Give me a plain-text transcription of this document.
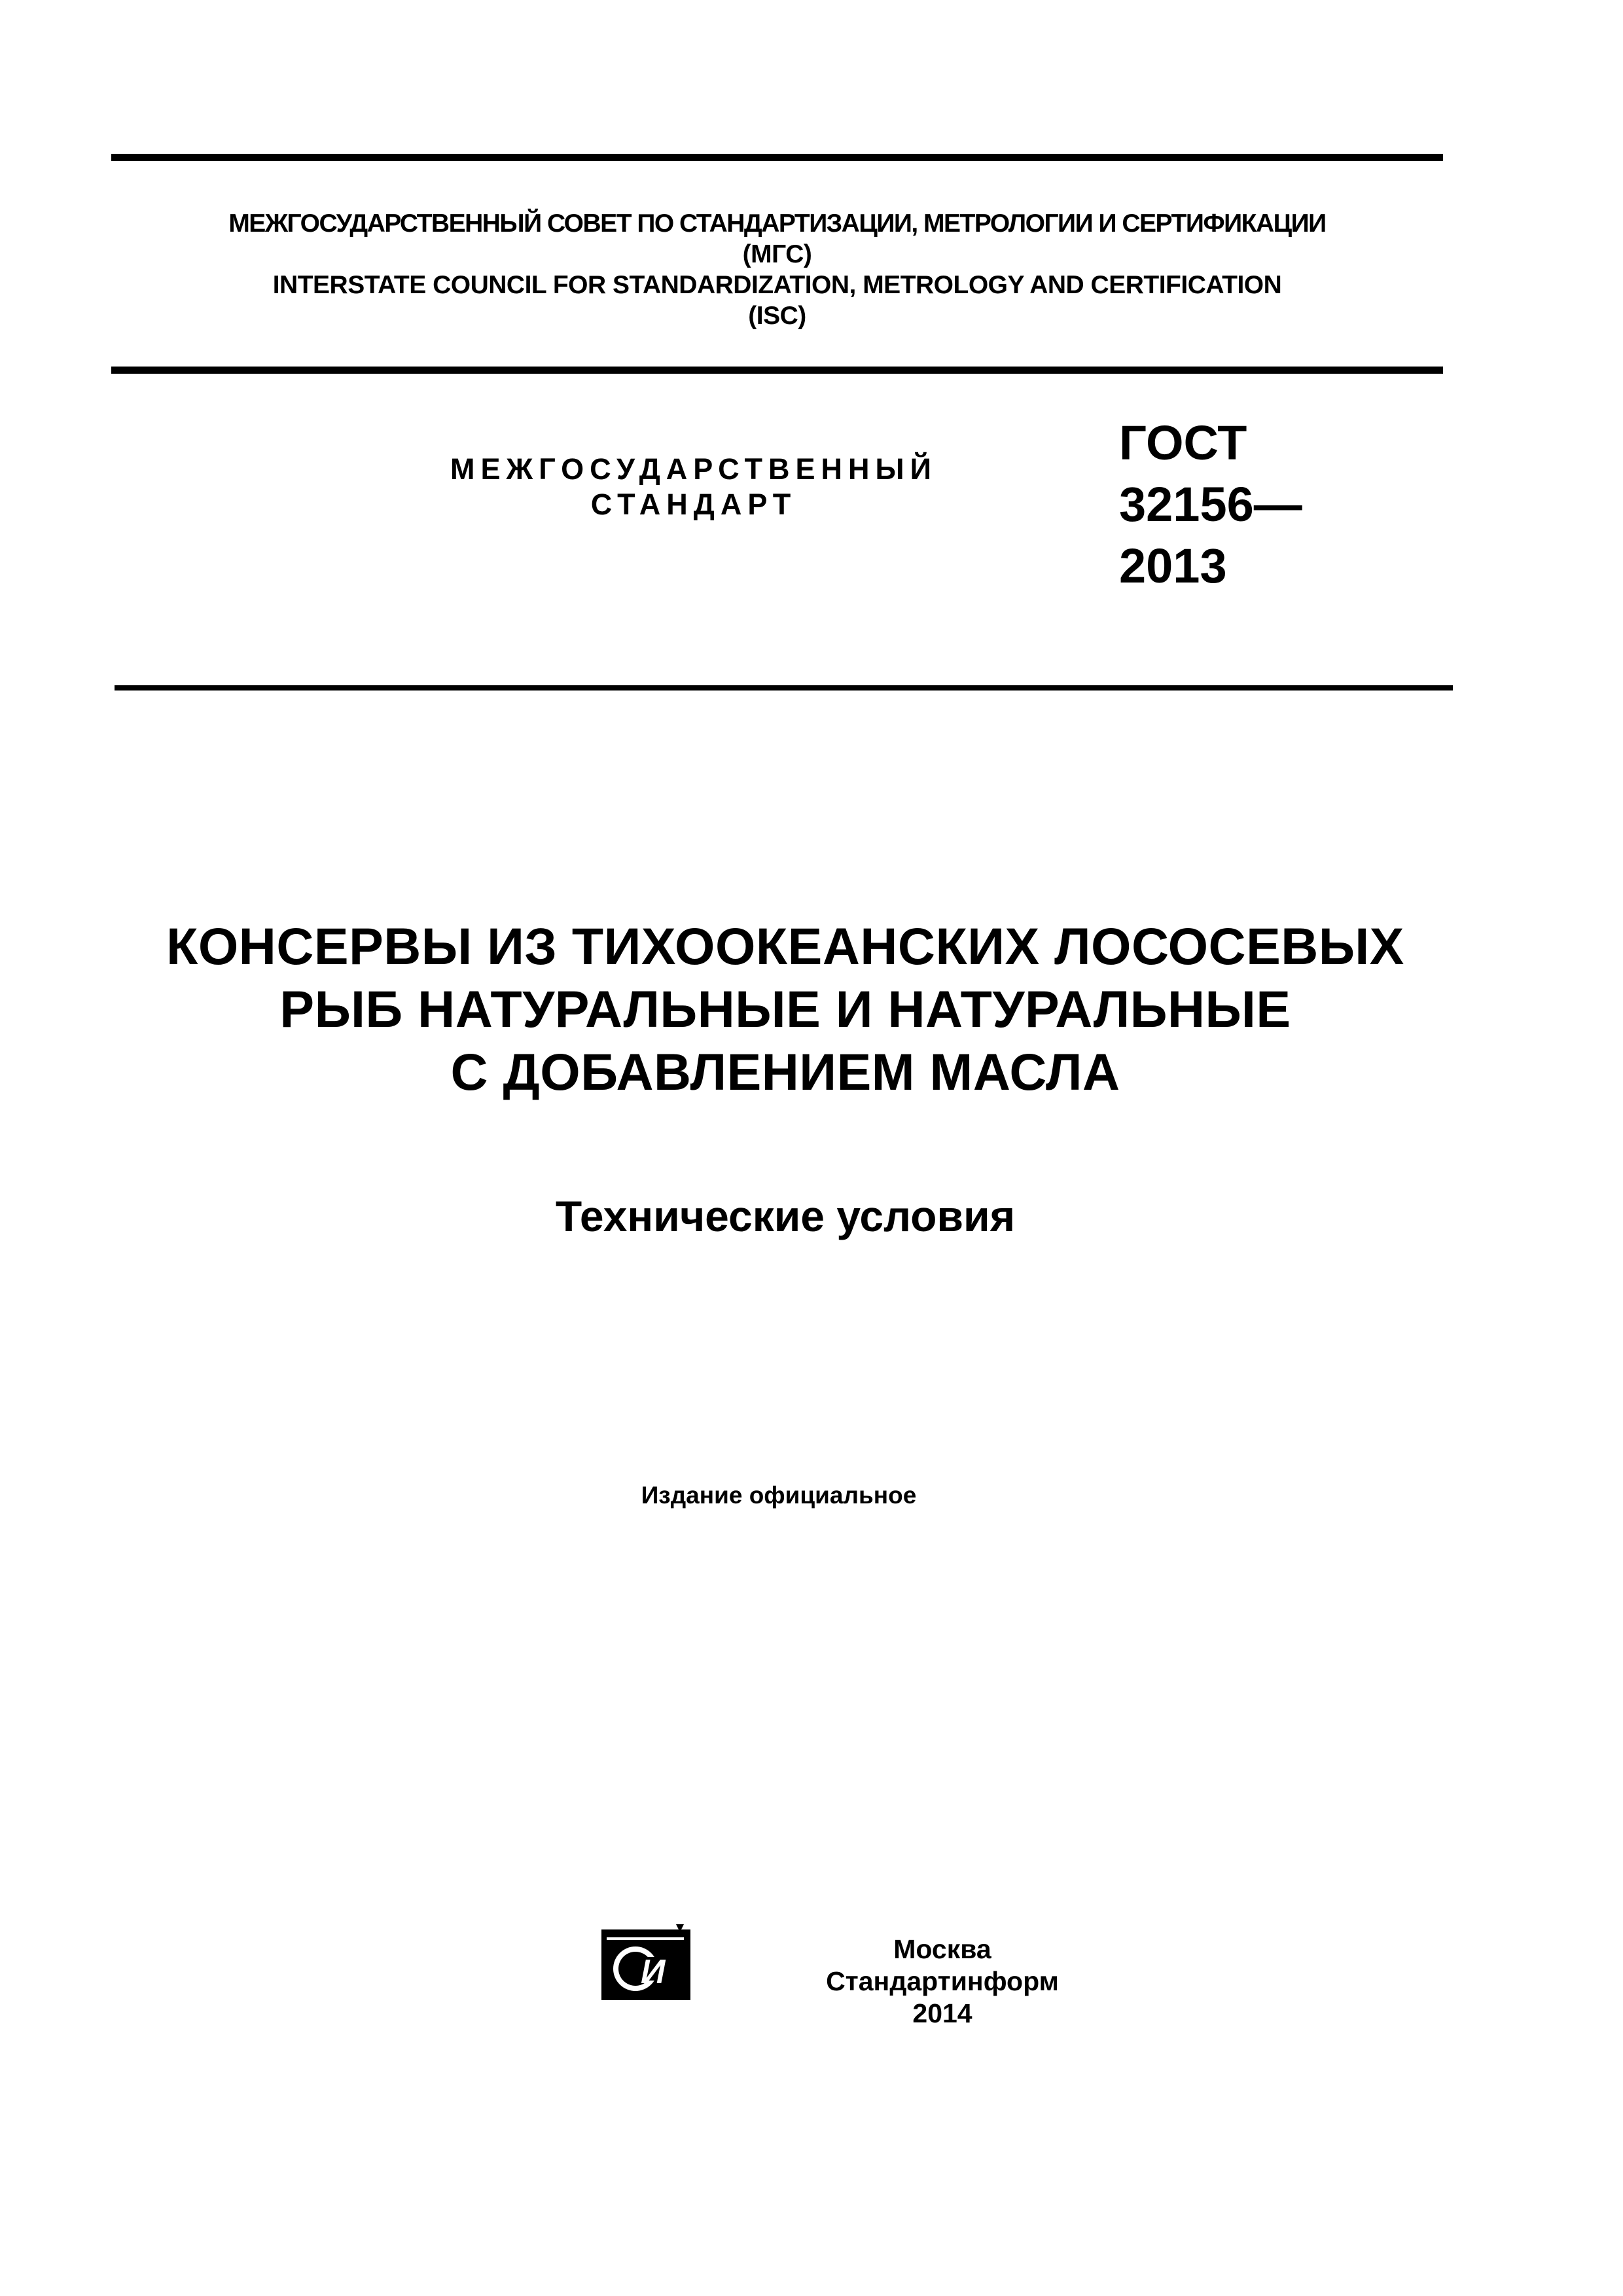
МЕЖГОСУДАРСТВЕННЫЙ СОВЕТ ПО СТАНДАРТИЗАЦИИ, МЕТРОЛОГИИ И СЕРТИФИКАЦИИ
(МГС)
INTERSTATE COUNCIL FOR STANDARDIZATION, METROLOGY AND CERTIFICATION
(ISC)
МЕЖГОСУДАРСТВЕННЫЙ
СТАНДАРТ
ГОСТ
32156—
2013
КОНСЕРВЫ ИЗ ТИХООКЕАНСКИХ ЛОСОСЕВЫХ
РЫБ НАТУРАЛЬНЫЕ И НАТУРАЛЬНЫЕ
С ДОБАВЛЕНИЕМ МАСЛА
Технические условия
Издание официальное
И
Москва
Стандартинформ
2014
